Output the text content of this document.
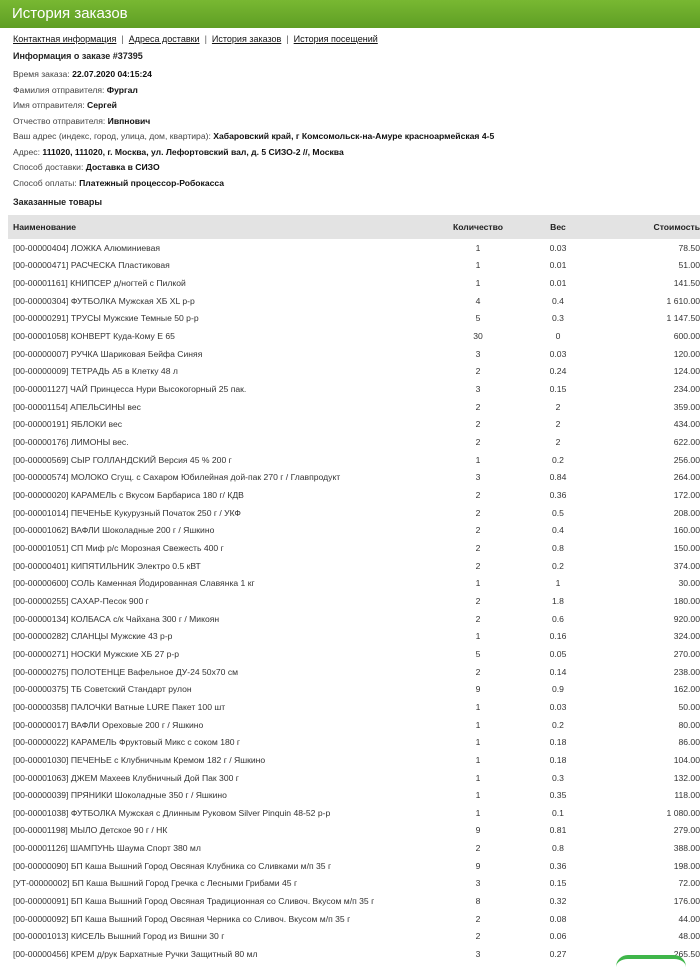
История заказов
Контактная информация | Адреса доставки | История заказов | История посещений
Информация о заказе #37395
Время заказа: 22.07.2020 04:15:24
Фамилия отправителя: Фургал
Имя отправителя: Сергей
Отчество отправителя: Ивпнович
Ваш адрес (индекс, город, улица, дом, квартира): Хабаровский край, г Комсомольск-на-Амуре красноармейская 4-5
Адрес: 111020, 111020, г. Москва, ул. Лефортовский вал, д. 5 СИЗО-2 //, Москва
Способ доставки: Доставка в СИЗО
Способ оплаты: Платежный процессор-Робокасса
Заказанные товары
Наименование	Количество	Вес	Стоимость
[00-00000404] ЛОЖКА Алюминиевая	1	0.03	78.50
[00-00000471] РАСЧЕСКА Пластиковая	1	0.01	51.00
[00-00001161] КНИПСЕР д/ногтей с Пилкой	1	0.01	141.50
[00-00000304] ФУТБОЛКА Мужская ХБ XL р-р	4	0.4	1 610.00
[00-00000291] ТРУСЫ Мужские Темные 50 р-р	5	0.3	1 147.50
[00-00001058] КОНВЕРТ Куда-Кому Е 65	30	0	600.00
[00-00000007] РУЧКА Шариковая Бейфа Синяя	3	0.03	120.00
[00-00000009] ТЕТРАДЬ А5 в Клетку 48 л	2	0.24	124.00
[00-00001127] ЧАЙ Принцесса Нури Высокогорный 25 пак.	3	0.15	234.00
[00-00001154] АПЕЛЬСИНЫ вес	2	2	359.00
[00-00000191] ЯБЛОКИ вес	2	2	434.00
[00-00000176] ЛИМОНЫ вес.	2	2	622.00
[00-00000569] СЫР ГОЛЛАНДСКИЙ Версия 45 % 200 г	1	0.2	256.00
[00-00000574] МОЛОКО Сгущ. с Сахаром Юбилейная дой-пак 270 г / Главпродукт	3	0.84	264.00
[00-00000020] КАРАМЕЛЬ с Вкусом Барбариса 180 г/ КДВ	2	0.36	172.00
[00-00001014] ПЕЧЕНЬЕ Кукурузный Початок 250 г / УКФ	2	0.5	208.00
[00-00001062] ВАФЛИ Шоколадные 200 г / Яшкино	2	0.4	160.00
[00-00001051] СП Миф р/с Морозная Свежесть 400 г	2	0.8	150.00
[00-00000401] КИПЯТИЛЬНИК Электро 0.5 кВТ	2	0.2	374.00
[00-00000600] СОЛЬ Каменная Йодированная Славянка 1 кг	1	1	30.00
[00-00000255] САХАР-Песок 900 г	2	1.8	180.00
[00-00000134] КОЛБАСА с/к Чайхана 300 г / Микоян	2	0.6	920.00
[00-00000282] СЛАНЦЫ Мужские 43 р-р	1	0.16	324.00
[00-00000271] НОСКИ Мужские ХБ 27 р-р	5	0.05	270.00
[00-00000275] ПОЛОТЕНЦЕ Вафельное ДУ-24 50х70 см	2	0.14	238.00
[00-00000375] ТБ Советский Стандарт рулон	9	0.9	162.00
[00-00000358] ПАЛОЧКИ Ватные LURE Пакет 100 шт	1	0.03	50.00
[00-00000017] ВАФЛИ Ореховые 200 г / Яшкино	1	0.2	80.00
[00-00000022] КАРАМЕЛЬ Фруктовый Микс с соком 180 г	1	0.18	86.00
[00-00001030] ПЕЧЕНЬЕ с Клубничным Кремом 182 г / Яшкино	1	0.18	104.00
[00-00001063] ДЖЕМ Махеев Клубничный Дой Пак 300 г	1	0.3	132.00
[00-00000039] ПРЯНИКИ Шоколадные 350 г / Яшкино	1	0.35	118.00
[00-00001038] ФУТБОЛКА Мужская с Длинным Руковом Silver Pinquin 48-52 р-р	1	0.1	1 080.00
[00-00001198] МЫЛО Детское 90 г / НК	9	0.81	279.00
[00-00001126] ШАМПУНЬ Шаума Спорт 380 мл	2	0.8	388.00
[00-00000090] БП Каша Вышний Город Овсяная Клубника со Сливками м/п 35 г	9	0.36	198.00
[УТ-00000002] БП Каша Вышний Город Гречка с Лесными Грибами 45 г	3	0.15	72.00
[00-00000091] БП Каша Вышний Город Овсяная Традиционная со Сливоч. Вкусом м/п 35 г	8	0.32	176.00
[00-00000092] БП Каша Вышний Город Овсяная Черника со Сливоч. Вкусом м/п 35 г	2	0.08	44.00
[00-00001013] КИСЕЛЬ Вышний Город из Вишни 30 г	2	0.06	48.00
[00-00000456] КРЕМ д/рук Бархатные Ручки Защитный 80 мл	3	0.27	265.50
